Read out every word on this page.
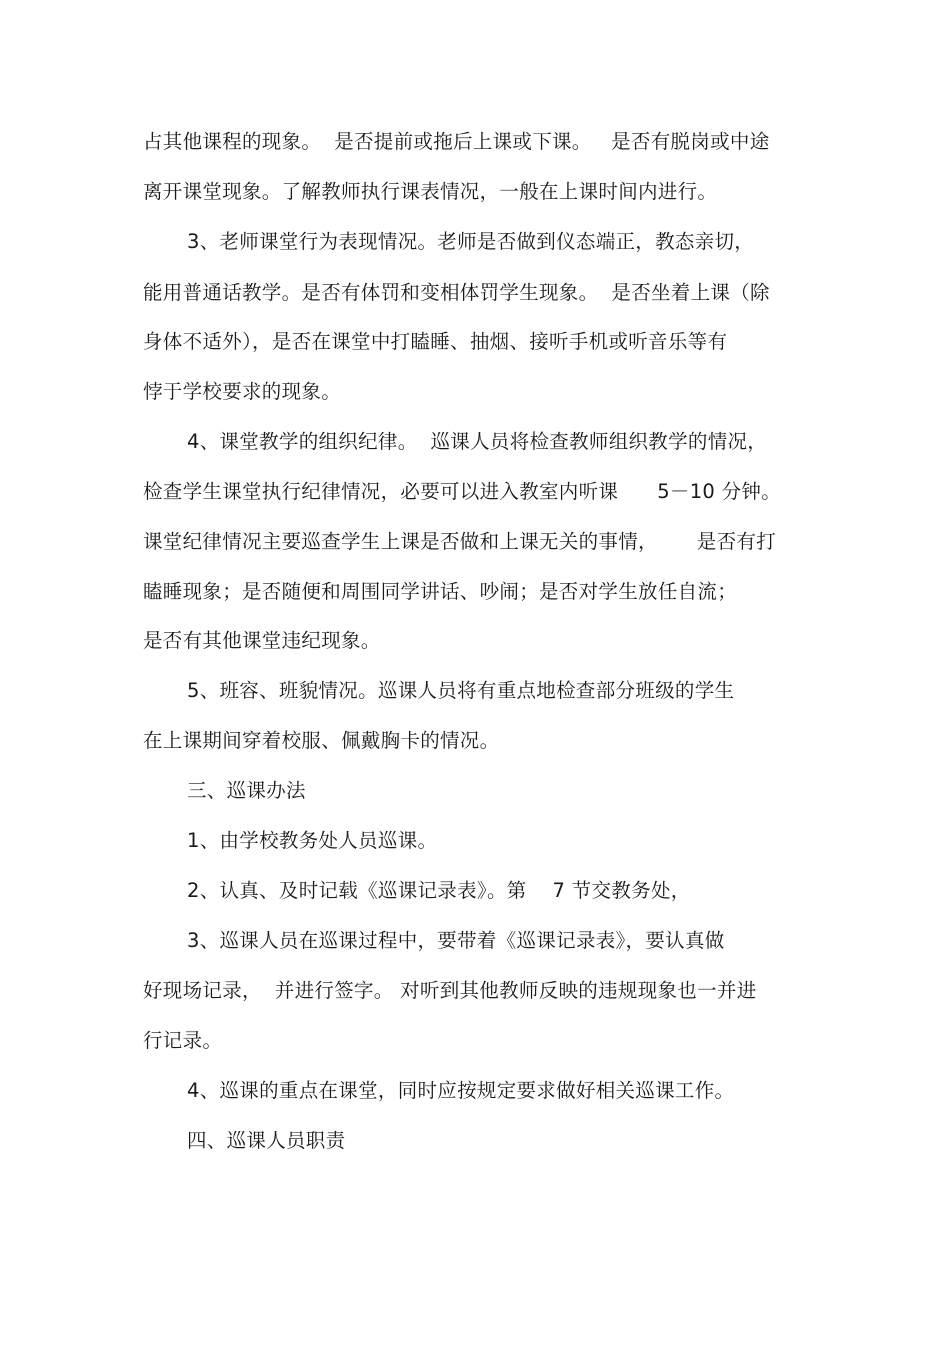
占其他课程的现象。  是否提前或拖后上课或下课。   是否有脱岗或中途
离开课堂现象。了解教师执行课表情况，一般在上课时间内进行。
3、老师课堂行为表现情况。老师是否做到仪态端正，教态亲切，
能用普通话教学。是否有体罚和变相体罚学生现象。  是否坐着上课（除
身体不适外），是否在课堂中打瞌睡、抽烟、接听手机或听音乐等有
悖于学校要求的现象。
4、课堂教学的组织纪律。  巡课人员将检查教师组织教学的情况，
检查学生课堂执行纪律情况，必要可以进入教室内听课      5－10 分钟。
课堂纪律情况主要巡查学生上课是否做和上课无关的事情，      是否有打
瞌睡现象；是否随便和周围同学讲话、吵闹；是否对学生放任自流；
是否有其他课堂违纪现象。
5、班容、班貌情况。巡课人员将有重点地检查部分班级的学生
在上课期间穿着校服、佩戴胸卡的情况。
三、巡课办法
1、由学校教务处人员巡课。
2、认真、及时记载《巡课记录表》。第    7 节交教务处，
3、巡课人员在巡课过程中，要带着《巡课记录表》，要认真做
好现场记录，  并进行签字。 对听到其他教师反映的违规现象也一并进
行记录。
4、巡课的重点在课堂，同时应按规定要求做好相关巡课工作。
四、巡课人员职责
